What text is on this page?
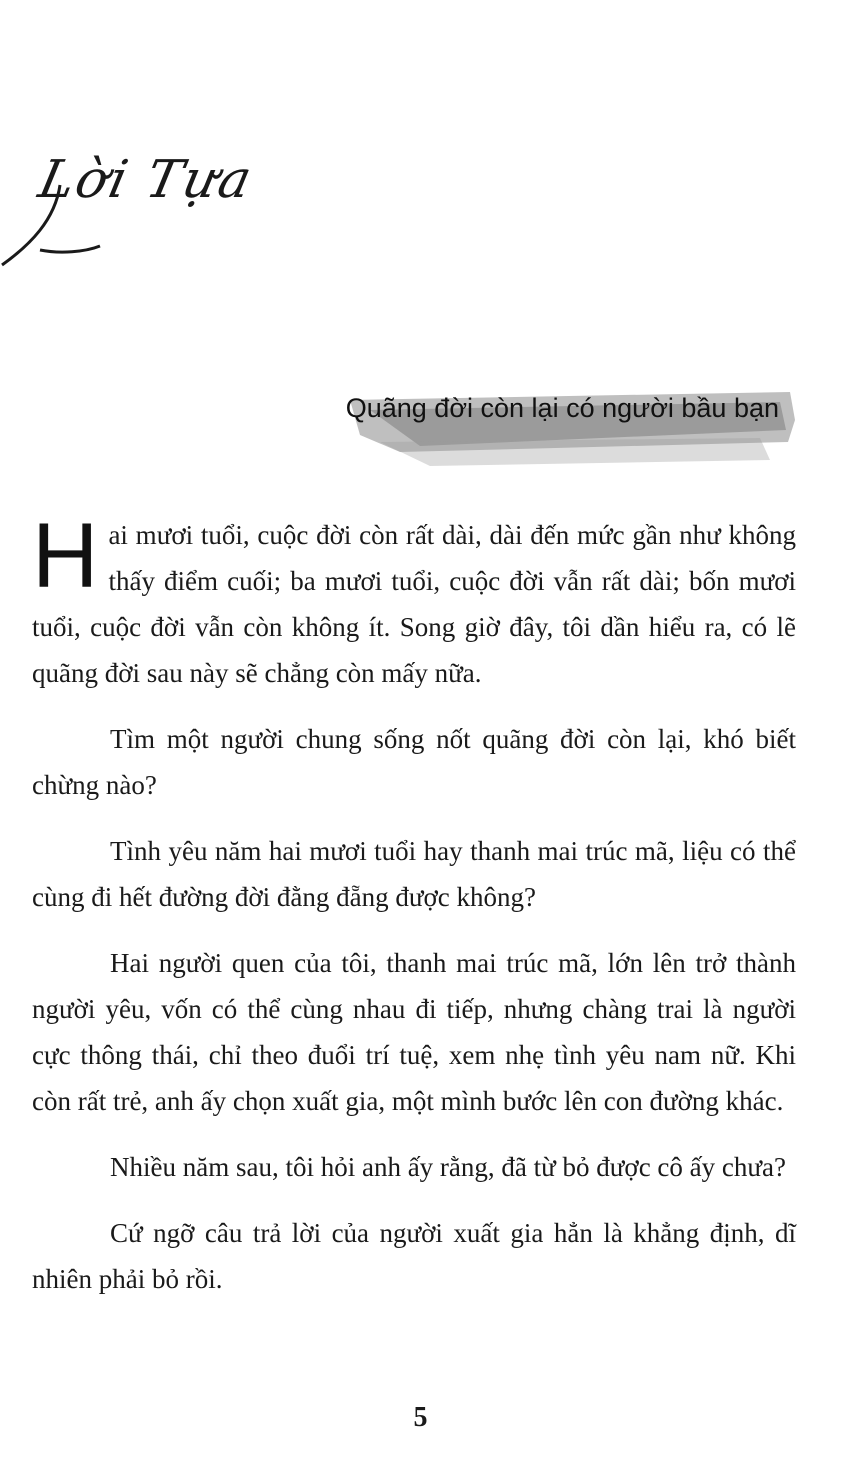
Lời Tựa
Quãng đời còn lại có người bầu bạn

H ai mươi tuổi, cuộc đời còn rất dài, dài đến mức gần như không thấy điểm cuối; ba mươi tuổi, cuộc đời vẫn rất dài; bốn mươi tuổi, cuộc đời vẫn còn không ít. Song giờ đây, tôi dần hiểu ra, có lẽ quãng đời sau này sẽ chẳng còn mấy nữa.

Tìm một người chung sống nốt quãng đời còn lại, khó biết chừng nào?

Tình yêu năm hai mươi tuổi hay thanh mai trúc mã, liệu có thể cùng đi hết đường đời đằng đẵng được không?

Hai người quen của tôi, thanh mai trúc mã, lớn lên trở thành người yêu, vốn có thể cùng nhau đi tiếp, nhưng chàng trai là người cực thông thái, chỉ theo đuổi trí tuệ, xem nhẹ tình yêu nam nữ. Khi còn rất trẻ, anh ấy chọn xuất gia, một mình bước lên con đường khác.

Nhiều năm sau, tôi hỏi anh ấy rằng, đã từ bỏ được cô ấy chưa?

Cứ ngỡ câu trả lời của người xuất gia hẳn là khẳng định, dĩ nhiên phải bỏ rồi.

5
